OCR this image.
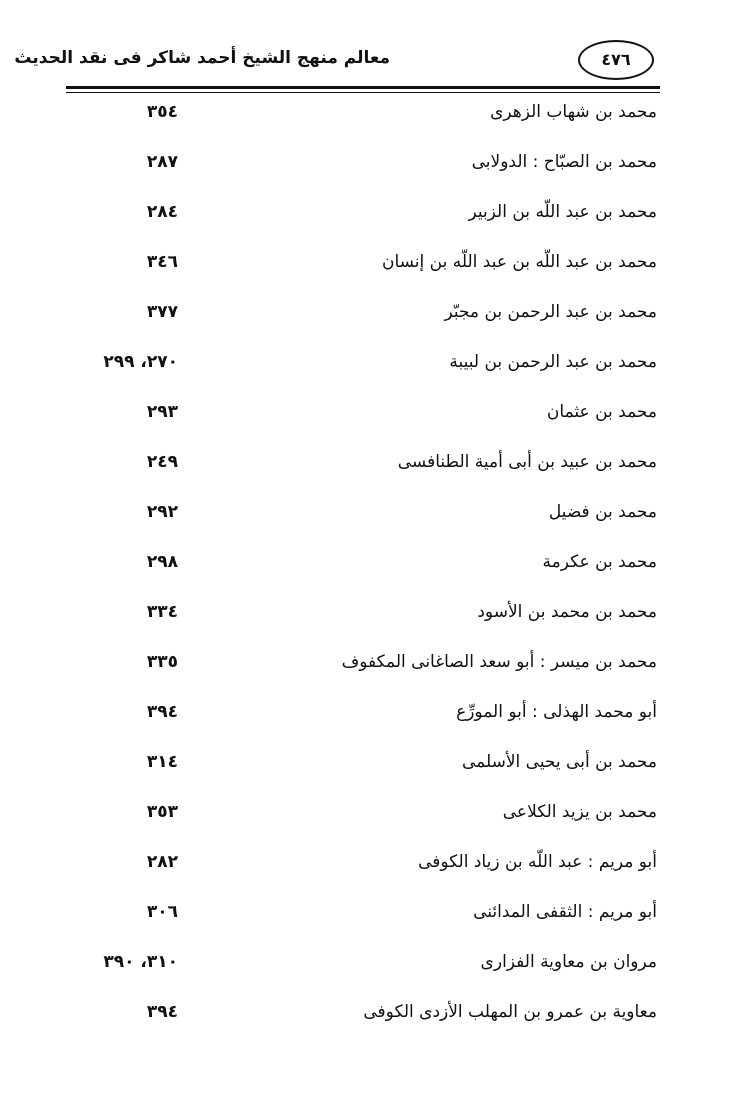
معالم منهج الشيخ أحمد شاكر فى نقد الحديث	٤٧٦
محمد بن شهاب الزهرى
٣٥٤
محمد بن الصبّاح : الدولابى
٢٨٧
محمد بن عبد اللّه بن الزبير
٢٨٤
محمد بن عبد اللّه بن عبد اللّه بن إنسان
٣٤٦
محمد بن عبد الرحمن بن مجبّر
٣٧٧
محمد بن عبد الرحمن بن لبيبة
٢٧٠، ٢٩٩
محمد بن عثمان
٢٩٣
محمد بن عبيد بن أبى أمية الطنافسى
٢٤٩
محمد بن فضيل
٢٩٢
محمد بن عكرمة
٢٩٨
محمد بن محمد بن الأسود
٣٣٤
محمد بن ميسر : أبو سعد الصاغانى المكفوف
٣٣٥
أبو محمد الهذلى : أبو المورِّع
٣٩٤
محمد بن أبى يحيى الأسلمى
٣١٤
محمد بن يزيد الكلاعى
٣٥٣
أبو مريم : عبد اللّه بن زياد الكوفى
٢٨٢
أبو مريم : الثقفى المدائنى
٣٠٦
مروان بن معاوية الفزارى
٣١٠، ٣٩٠
معاوية بن عمرو بن المهلب الأزدى الكوفى
٣٩٤
